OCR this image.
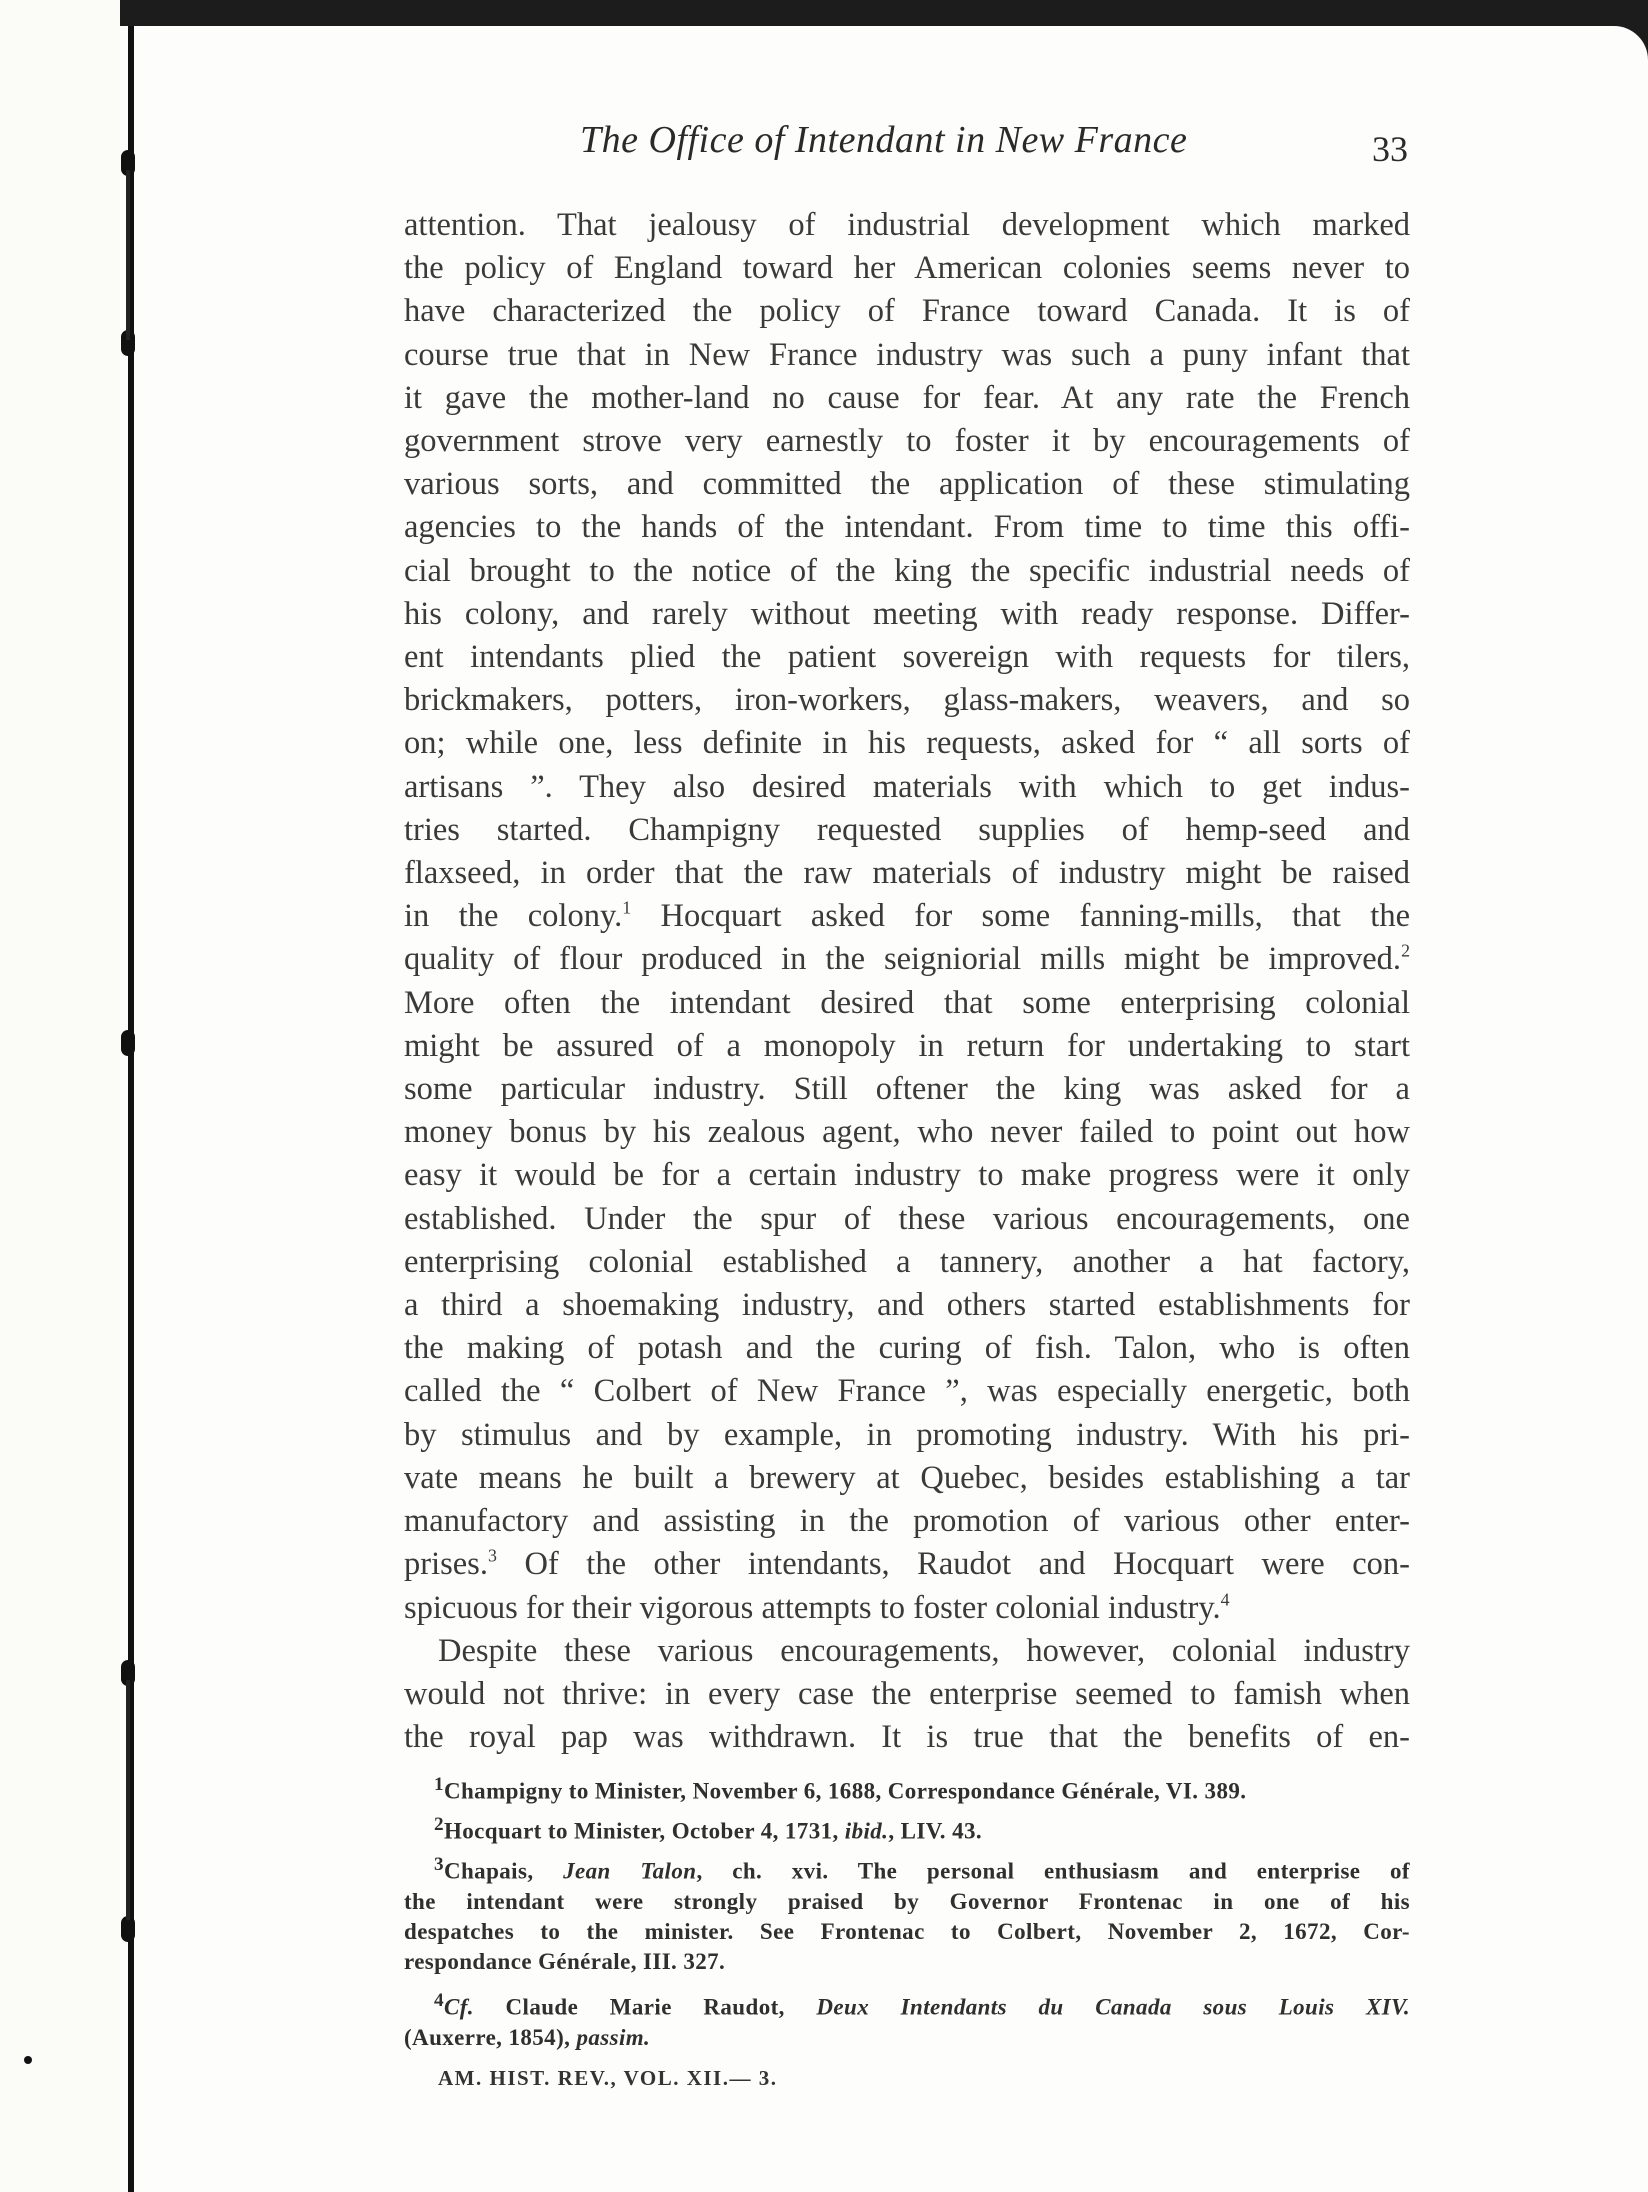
The Office of Intendant in New France	33
attention. That jealousy of industrial development which marked
the policy of England toward her American colonies seems never to
have characterized the policy of France toward Canada. It is of
course true that in New France industry was such a puny infant that
it gave the mother-land no cause for fear. At any rate the French
government strove very earnestly to foster it by encouragements of
various sorts, and committed the application of these stimulating
agencies to the hands of the intendant. From time to time this offi-
cial brought to the notice of the king the specific industrial needs of
his colony, and rarely without meeting with ready response. Differ-
ent intendants plied the patient sovereign with requests for tilers,
brickmakers, potters, iron-workers, glass-makers, weavers, and so
on; while one, less definite in his requests, asked for “ all sorts of
artisans ”. They also desired materials with which to get indus-
tries started. Champigny requested supplies of hemp-seed and
flaxseed, in order that the raw materials of industry might be raised
in the colony.$^1$ Hocquart asked for some fanning-mills, that the
quality of flour produced in the seigniorial mills might be improved.$^2$
More often the intendant desired that some enterprising colonial
might be assured of a monopoly in return for undertaking to start
some particular industry. Still oftener the king was asked for a
money bonus by his zealous agent, who never failed to point out how
easy it would be for a certain industry to make progress were it only
established. Under the spur of these various encouragements, one
enterprising colonial established a tannery, another a hat factory,
a third a shoemaking industry, and others started establishments for
the making of potash and the curing of fish. Talon, who is often
called the “ Colbert of New France ”, was especially energetic, both
by stimulus and by example, in promoting industry. With his pri-
vate means he built a brewery at Quebec, besides establishing a tar
manufactory and assisting in the promotion of various other enter-
prises.$^3$ Of the other intendants, Raudot and Hocquart were con-
spicuous for their vigorous attempts to foster colonial industry.$^4$
Despite these various encouragements, however, colonial industry
would not thrive: in every case the enterprise seemed to famish when
the royal pap was withdrawn. It is true that the benefits of en-
$^1$Champigny to Minister, November 6, 1688, Correspondance Générale, VI. 389.
$^2$Hocquart to Minister, October 4, 1731, ibid., LIV. 43.
$^3$Chapais, Jean Talon, ch. xvi. The personal enthusiasm and enterprise of
the intendant were strongly praised by Governor Frontenac in one of his
despatches to the minister. See Frontenac to Colbert, November 2, 1672, Cor-
respondance Générale, III. 327.
$^4$Cf. Claude Marie Raudot, Deux Intendants du Canada sous Louis XIV.
(Auxerre, 1854), passim.
AM. HIST. REV., VOL. XII.— 3.
